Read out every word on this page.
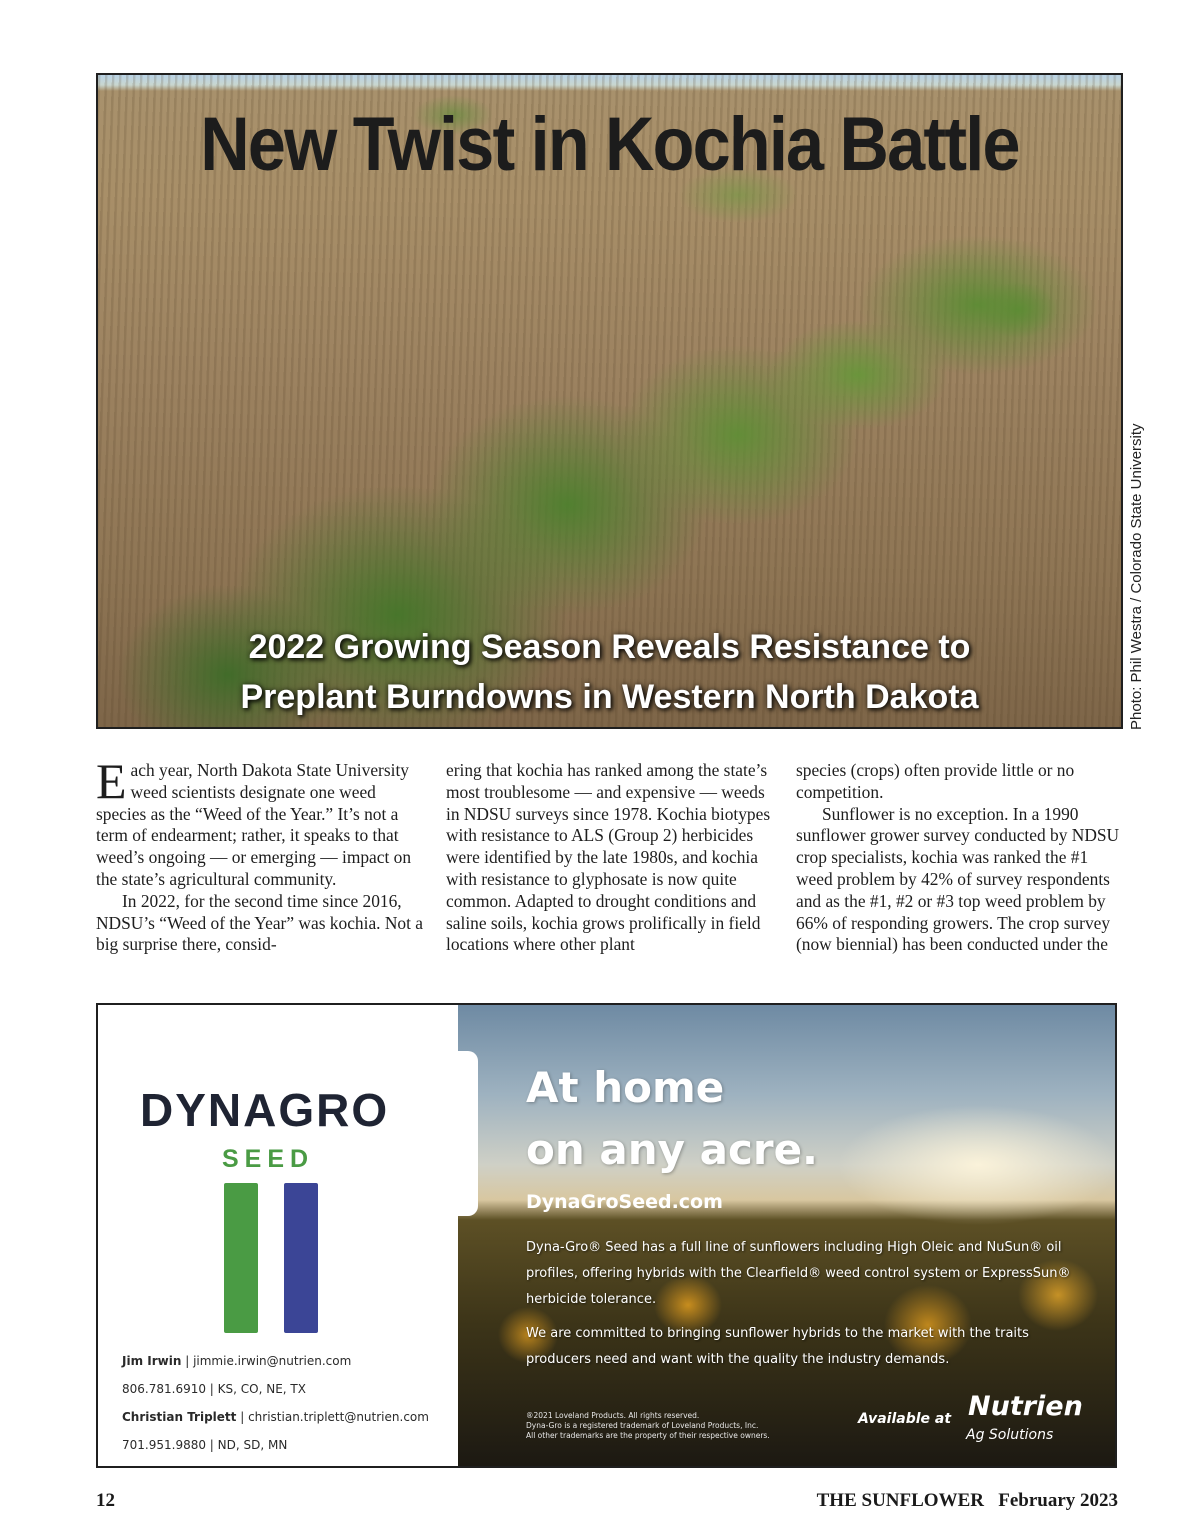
New Twist in Kochia Battle
2022 Growing Season Reveals Resistance to
Preplant Burndowns in Western North Dakota	Photo: Phil Westra / Colorado State University

Each year, North Dakota State University weed scientists designate one weed species as the “Weed of the Year.” It’s not a term of endearment; rather, it speaks to that weed’s ongoing — or emerging — impact on the state’s agricultural community.

In 2022, for the second time since 2016, NDSU’s “Weed of the Year” was kochia. Not a big surprise there, consid-

ering that kochia has ranked among the state’s most troublesome — and expensive — weeds in NDSU surveys since 1978. Kochia biotypes with resistance to ALS (Group 2) herbicides were identified by the late 1980s, and kochia with resistance to glyphosate is now quite common. Adapted to drought conditions and saline soils, kochia grows prolifically in field locations where other plant

species (crops) often provide little or no competition.

Sunflower is no exception. In a 1990 sunflower grower survey conducted by NDSU crop specialists, kochia was ranked the #1 weed problem by 42% of survey respondents and as the #1, #2 or #3 top weed problem by 66% of responding growers. The crop survey (now biennial) has been conducted under the

DYNAGRO
SEED
Jim Irwin | jimmie.irwin@nutrien.com
806.781.6910 | KS, CO, NE, TX
Christian Triplett | christian.triplett@nutrien.com
701.951.9880 | ND, SD, MN
At home
on any acre.
DynaGroSeed.com

Dyna-Gro® Seed has a full line of sunflowers including High Oleic and NuSun® oil profiles, offering hybrids with the Clearfield® weed control system or ExpressSun® herbicide tolerance.

We are committed to bringing sunflower hybrids to the market with the traits producers need and want with the quality the industry demands.

®2021 Loveland Products. All rights reserved.
Dyna-Gro is a registered trademark of Loveland Products, Inc.
All other trademarks are the property of their respective owners.
Available at Nutrien
Ag Solutions
12	THE SUNFLOWER   February 2023
